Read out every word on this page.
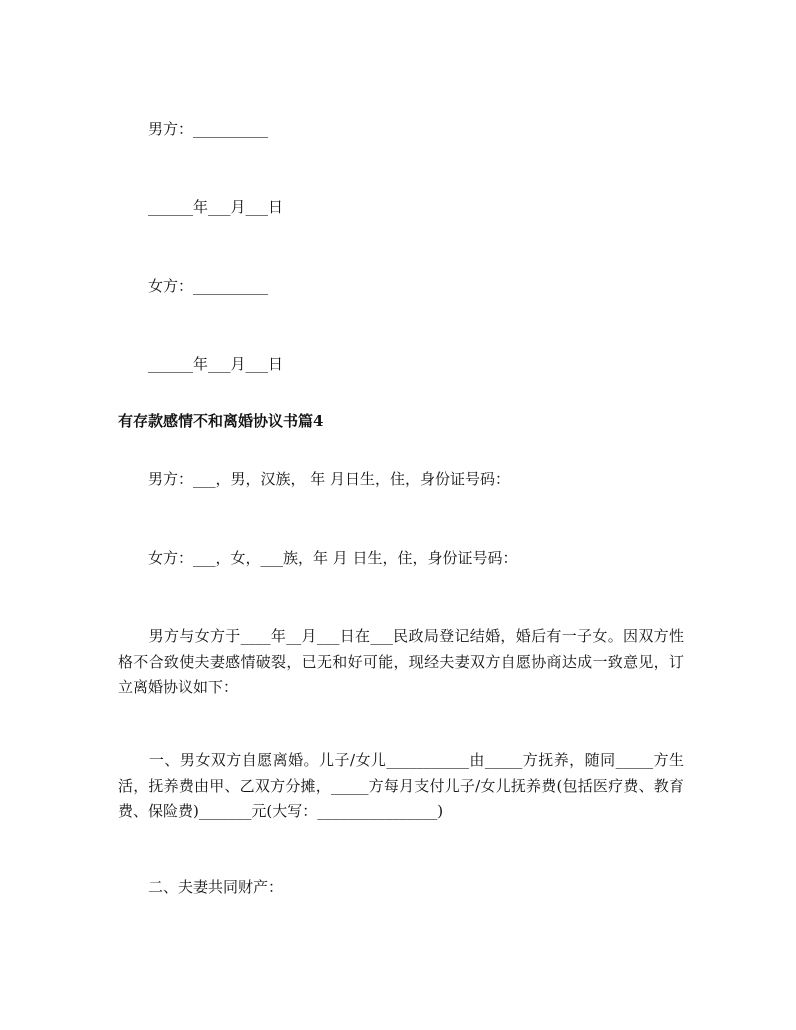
男方：__________

______年___月___日

女方：__________

______年___月___日

有存款感情不和离婚协议书篇4

男方：___，男，汉族， 年 月日生，住，身份证号码：

女方：___，女，___族，年 月 日生，住，身份证号码：

　　男方与女方于____年__月___日在___民政局登记结婚，婚后有一子女。因双方性格不合致使夫妻感情破裂，已无和好可能，现经夫妻双方自愿协商达成一致意见，订立离婚协议如下：

　　一、男女双方自愿离婚。儿子/女儿___________由_____方抚养，随同_____方生活，抚养费由甲、乙双方分摊，_____方每月支付儿子/女儿抚养费(包括医疗费、教育费、保险费)_______元(大写：________________)

二、夫妻共同财产：
